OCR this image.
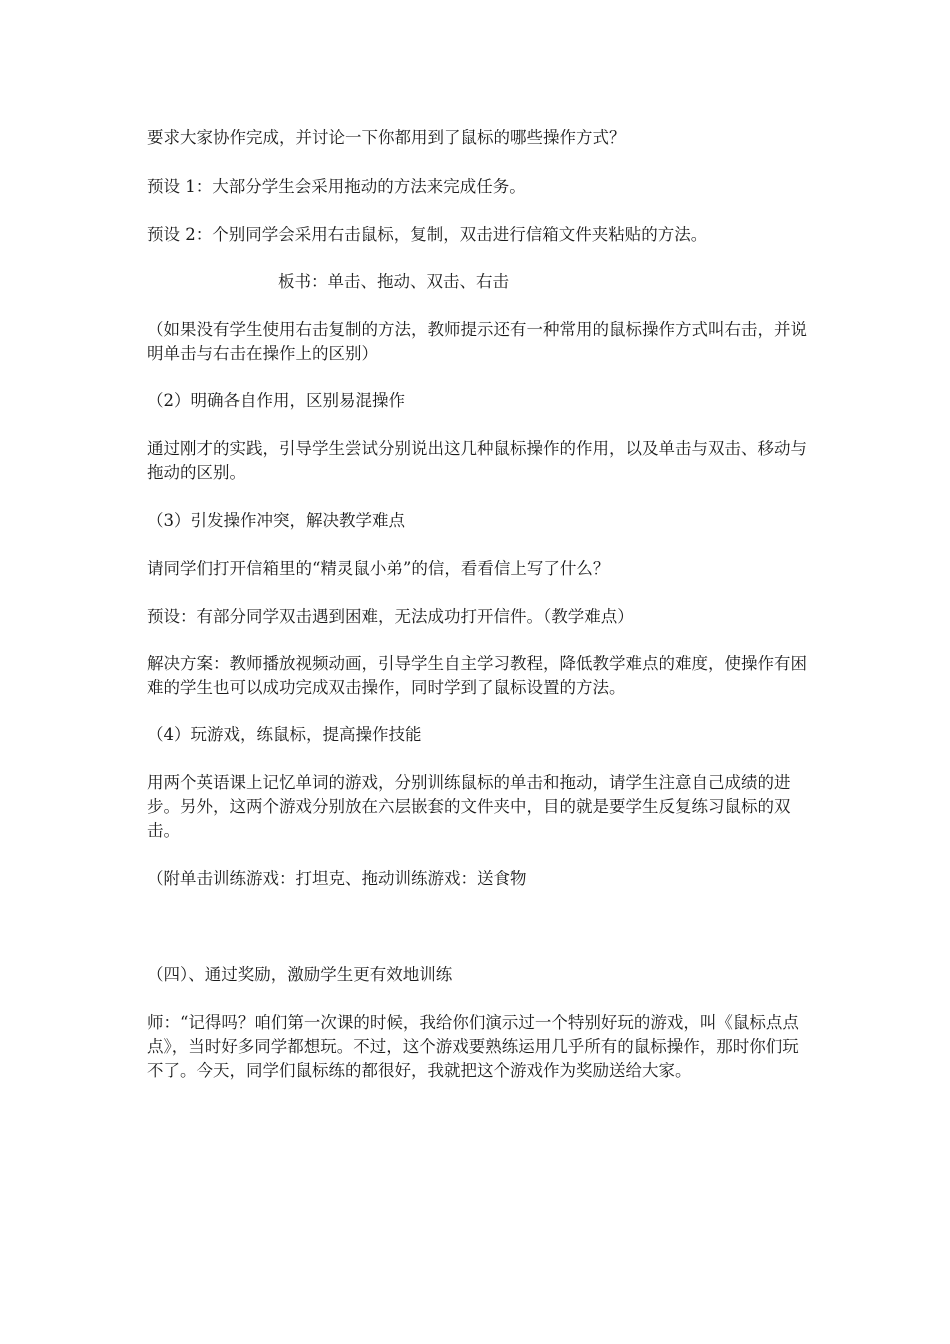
要求大家协作完成，并讨论一下你都用到了鼠标的哪些操作方式？

预设 1：大部分学生会采用拖动的方法来完成任务。

预设 2：个别同学会采用右击鼠标，复制，双击进行信箱文件夹粘贴的方法。

板书：单击、拖动、双击、右击

（如果没有学生使用右击复制的方法，教师提示还有一种常用的鼠标操作方式叫右击，并说明单击与右击在操作上的区别）

（2）明确各自作用，区别易混操作

通过刚才的实践，引导学生尝试分别说出这几种鼠标操作的作用，以及单击与双击、移动与拖动的区别。

（3）引发操作冲突，解决教学难点

请同学们打开信箱里的“精灵鼠小弟”的信，看看信上写了什么？

预设：有部分同学双击遇到困难，无法成功打开信件。（教学难点）

解决方案：教师播放视频动画，引导学生自主学习教程，降低教学难点的难度，使操作有困难的学生也可以成功完成双击操作，同时学到了鼠标设置的方法。

（4）玩游戏，练鼠标，提高操作技能

用两个英语课上记忆单词的游戏，分别训练鼠标的单击和拖动，请学生注意自己成绩的进步。另外，这两个游戏分别放在六层嵌套的文件夹中，目的就是要学生反复练习鼠标的双击。

（附单击训练游戏：打坦克、拖动训练游戏：送食物

（四）、通过奖励，激励学生更有效地训练

师：“记得吗？咱们第一次课的时候，我给你们演示过一个特别好玩的游戏，叫《鼠标点点点》，当时好多同学都想玩。不过，这个游戏要熟练运用几乎所有的鼠标操作，那时你们玩不了。今天，同学们鼠标练的都很好，我就把这个游戏作为奖励送给大家。
